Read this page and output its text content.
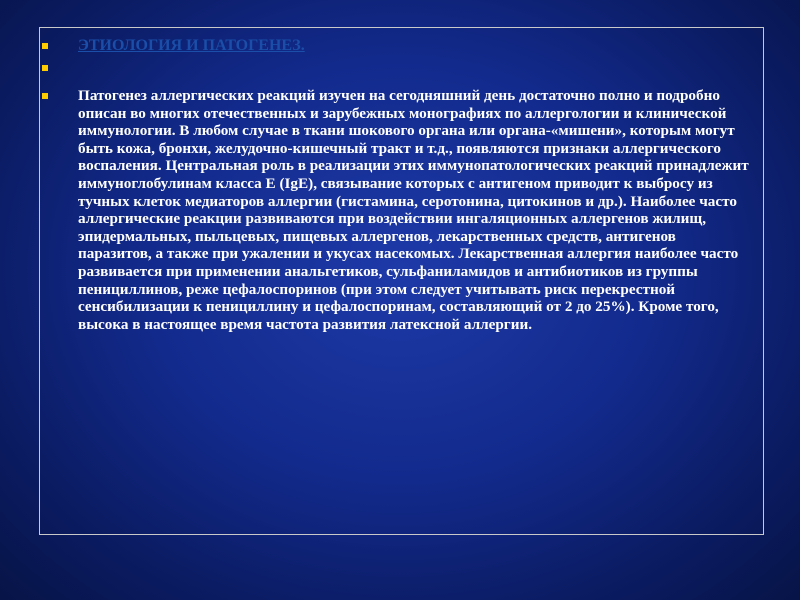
ЭТИОЛОГИЯ И ПАТОГЕНЕЗ.
Патогенез аллергических реакций изучен на сегодняшний день достаточно полно и подробно описан во многих отечественных и зарубежных монографиях по аллергологии и клинической иммунологии. В любом случае в ткани шокового органа или органа-«мишени», которым могут быть кожа, бронхи, желудочно-кишечный тракт и т.д., появляются признаки аллергического воспаления. Центральная роль в реализации этих иммунопатологических реакций принадлежит иммуноглобулинам класса E (IgE), связывание которых с антигеном приводит к выбросу из тучных клеток медиаторов аллергии (гистамина, серотонина, цитокинов и др.). Наиболее часто аллергические реакции развиваются при воздействии ингаляционных аллергенов жилищ, эпидермальных, пыльцевых, пищевых аллергенов, лекарственных средств, антигенов паразитов, а также при ужалении и укусах насекомых. Лекарственная аллергия наиболее часто развивается при применении анальгетиков, сульфаниламидов и антибиотиков из группы пенициллинов, реже цефалоспоринов (при этом следует учитывать риск перекрестной сенсибилизации к пенициллину и цефалоспоринам, составляющий от 2 до 25%). Кроме того, высока в настоящее время частота развития латексной аллергии.
